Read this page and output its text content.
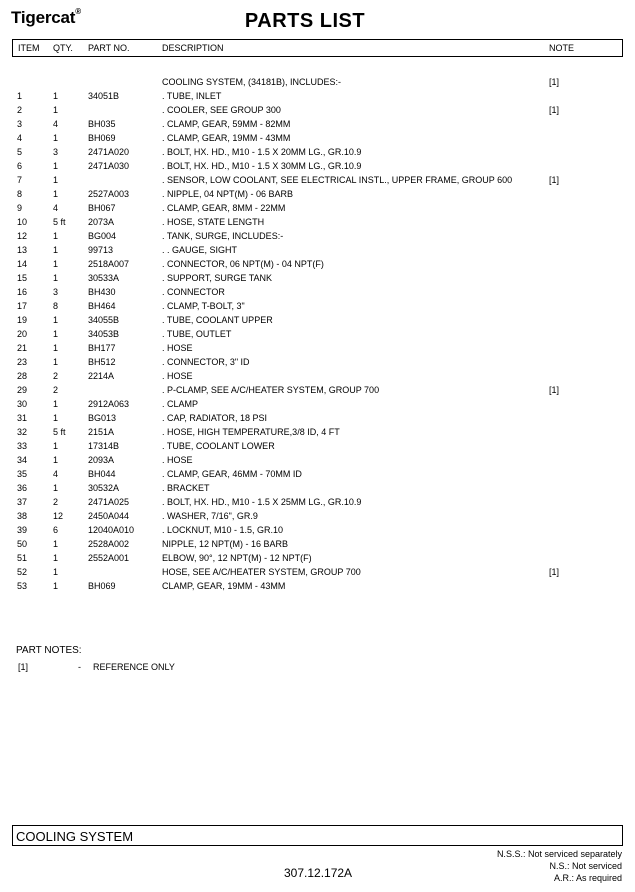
Tigercat®	PARTS LIST
ITEM QTY. PART NO.	DESCRIPTION	NOTE
COOLING SYSTEM, (34181B), INCLUDES:-	[1]
1	1	34051B	. TUBE, INLET
2	1	. COOLER, SEE GROUP 300	[1]
3	4	BH035	. CLAMP, GEAR, 59MM - 82MM
4	1	BH069	. CLAMP, GEAR, 19MM - 43MM
5	3	2471A020	. BOLT, HX. HD., M10 - 1.5 X 20MM LG., GR.10.9
6	1	2471A030	. BOLT, HX. HD., M10 - 1.5 X 30MM LG., GR.10.9
7	1	. SENSOR, LOW COOLANT, SEE ELECTRICAL INSTL., UPPER FRAME, GROUP 600	[1]
8	1	2527A003	. NIPPLE, 04 NPT(M) - 06 BARB
9	4	BH067	. CLAMP, GEAR, 8MM - 22MM
10	5 ft 2073A	. HOSE, STATE LENGTH
12	1	BG004	. TANK, SURGE, INCLUDES:-
13	1	99713	. . GAUGE, SIGHT
14	1	2518A007	. CONNECTOR, 06 NPT(M) - 04 NPT(F)
15	1	30533A	. SUPPORT, SURGE TANK
16	3	BH430	. CONNECTOR
17	8	BH464	. CLAMP, T-BOLT, 3"
19	1	34055B	. TUBE, COOLANT UPPER
20	1	34053B	. TUBE, OUTLET
21	1	BH177	. HOSE
23	1	BH512	. CONNECTOR, 3" ID
28	2	2214A	. HOSE
29	2	. P-CLAMP, SEE A/C/HEATER SYSTEM, GROUP 700	[1]
30	1	2912A063	. CLAMP
31	1	BG013	. CAP, RADIATOR, 18 PSI
32	5 ft 2151A	. HOSE, HIGH TEMPERATURE,3/8 ID, 4 FT
33	1	17314B	. TUBE, COOLANT LOWER
34	1	2093A	. HOSE
35	4	BH044	. CLAMP, GEAR, 46MM - 70MM ID
36	1	30532A	. BRACKET
37	2	2471A025	. BOLT, HX. HD., M10 - 1.5 X 25MM LG., GR.10.9
38	12	2450A044	. WASHER, 7/16", GR.9
39	6	12040A010	. LOCKNUT, M10 - 1.5, GR.10
50	1	2528A002	NIPPLE, 12 NPT(M) - 16 BARB
51	1	2552A001	ELBOW, 90°, 12 NPT(M) - 12 NPT(F)
52	1	HOSE, SEE A/C/HEATER SYSTEM, GROUP 700	[1]
53	1	BH069	CLAMP, GEAR, 19MM - 43MM
PART NOTES:
[1]	- REFERENCE ONLY
COOLING SYSTEM
N.S.S.: Not serviced separately
N.S.: Not serviced
A.R.: As required
307.12.172A
